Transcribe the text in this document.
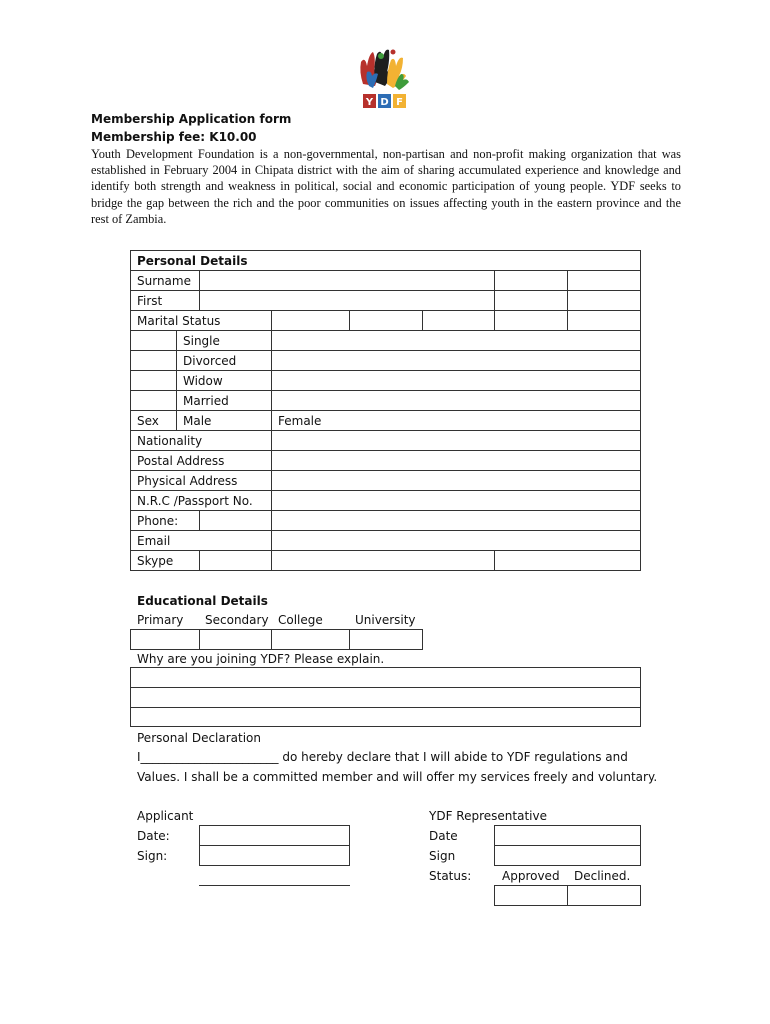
Y D F
Membership Application form
Membership fee: K10.00
Youth Development Foundation is a non-governmental, non-partisan and non-profit making organization that was established in February 2004 in Chipata district with the aim of sharing accumulated experience and knowledge and identify both strength and weakness in political, social and economic participation of young people. YDF seeks to bridge the gap between the rich and the poor communities on issues affecting youth in the eastern province and the rest of Zambia.
Personal Details
Surname
First
Marital Status
Single
Divorced
Widow
Married
Sex Male	Female
Nationality
Postal Address
Physical Address
N.R.C /Passport No.
Phone:
Email
Skype
Educational Details
Primary Secondary College	University
Why are you joining YDF? Please explain.
Personal Declaration
I_______________________ do hereby declare that I will abide to YDF regulations and
Values. I shall be a committed member and will offer my services freely and voluntary.
Applicant
Date:
Sign:
YDF Representative
Date
Sign
Status:	Approved Declined.
